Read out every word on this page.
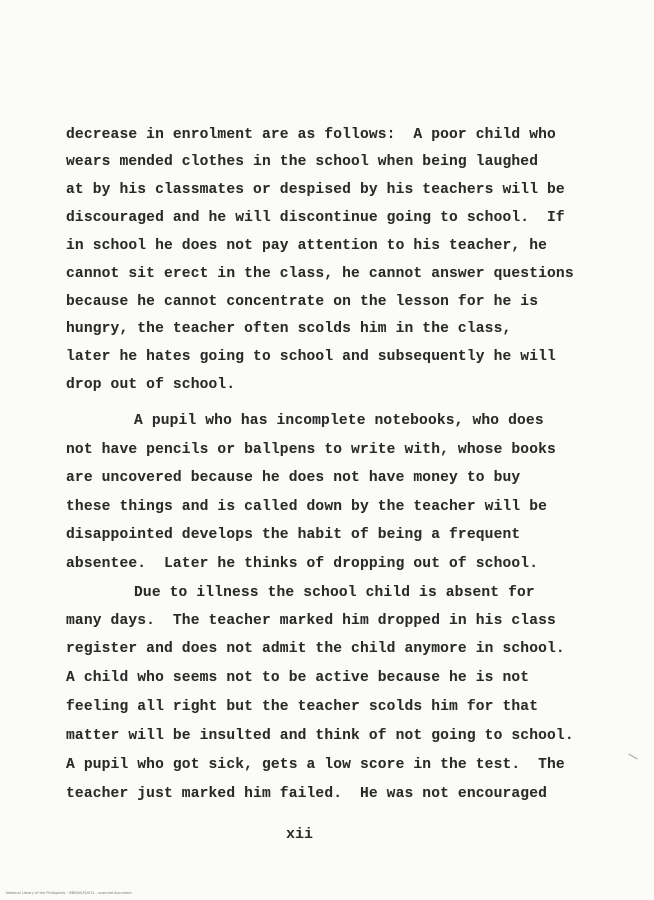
decrease in enrolment are as follows:  A poor child who
wears mended clothes in the school when being laughed
at by his classmates or despised by his teachers will be
discouraged and he will discontinue going to school.  If
in school he does not pay attention to his teacher, he
cannot sit erect in the class, he cannot answer questions
because he cannot concentrate on the lesson for he is
hungry, the teacher often scolds him in the class,
later he hates going to school and subsequently he will
drop out of school.
A pupil who has incomplete notebooks, who does
not have pencils or ballpens to write with, whose books
are uncovered because he does not have money to buy
these things and is called down by the teacher will be
disappointed develops the habit of being a frequent
absentee.  Later he thinks of dropping out of school.
Due to illness the school child is absent for
many days.  The teacher marked him dropped in his class
register and does not admit the child anymore in school.
A child who seems not to be active because he is not
feeling all right but the teacher scolds him for that
matter will be insulted and think of not going to school.
A pupil who got sick, gets a low score in the test.  The
teacher just marked him failed.  He was not encouraged
xii
National Library of the Philippines · ISBN/NLP/2011 - scanned document
